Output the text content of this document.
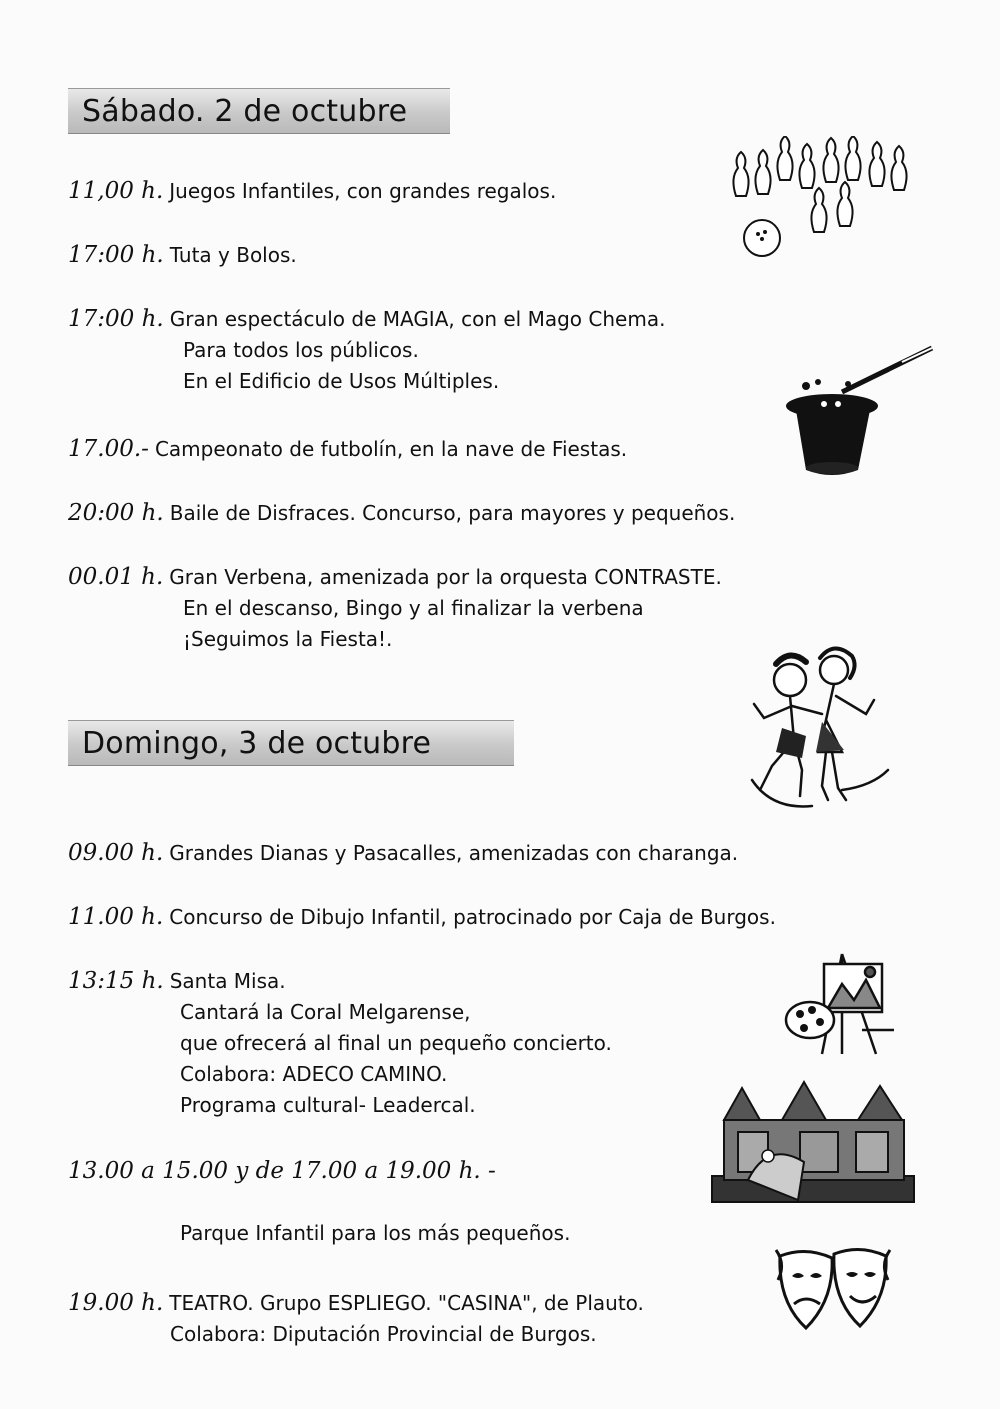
Sábado. 2 de octubre
11,00 h. Juegos Infantiles, con grandes regalos.
17:00 h. Tuta y Bolos.
17:00 h. Gran espectáculo de MAGIA, con el Mago Chema.
Para todos los públicos.
En el Edificio de Usos Múltiples.
17.00.- Campeonato de futbolín, en la nave de Fiestas.
20:00 h. Baile de Disfraces. Concurso, para mayores y pequeños.
00.01 h. Gran Verbena, amenizada por la orquesta CONTRASTE.
En el descanso, Bingo y al finalizar la verbena
¡Seguimos la Fiesta!.
Domingo, 3 de octubre
09.00 h. Grandes Dianas y Pasacalles, amenizadas con charanga.
11.00 h. Concurso de Dibujo Infantil, patrocinado por Caja de Burgos.
13:15 h. Santa Misa.
Cantará la Coral Melgarense,
que ofrecerá al final un pequeño concierto.
Colabora: ADECO CAMINO.
Programa cultural- Leadercal.
13.00 a 15.00 y de 17.00 a 19.00 h. -
Parque Infantil para los más pequeños.
19.00 h. TEATRO. Grupo ESPLIEGO. "CASINA", de Plauto.
Colabora: Diputación Provincial de Burgos.
